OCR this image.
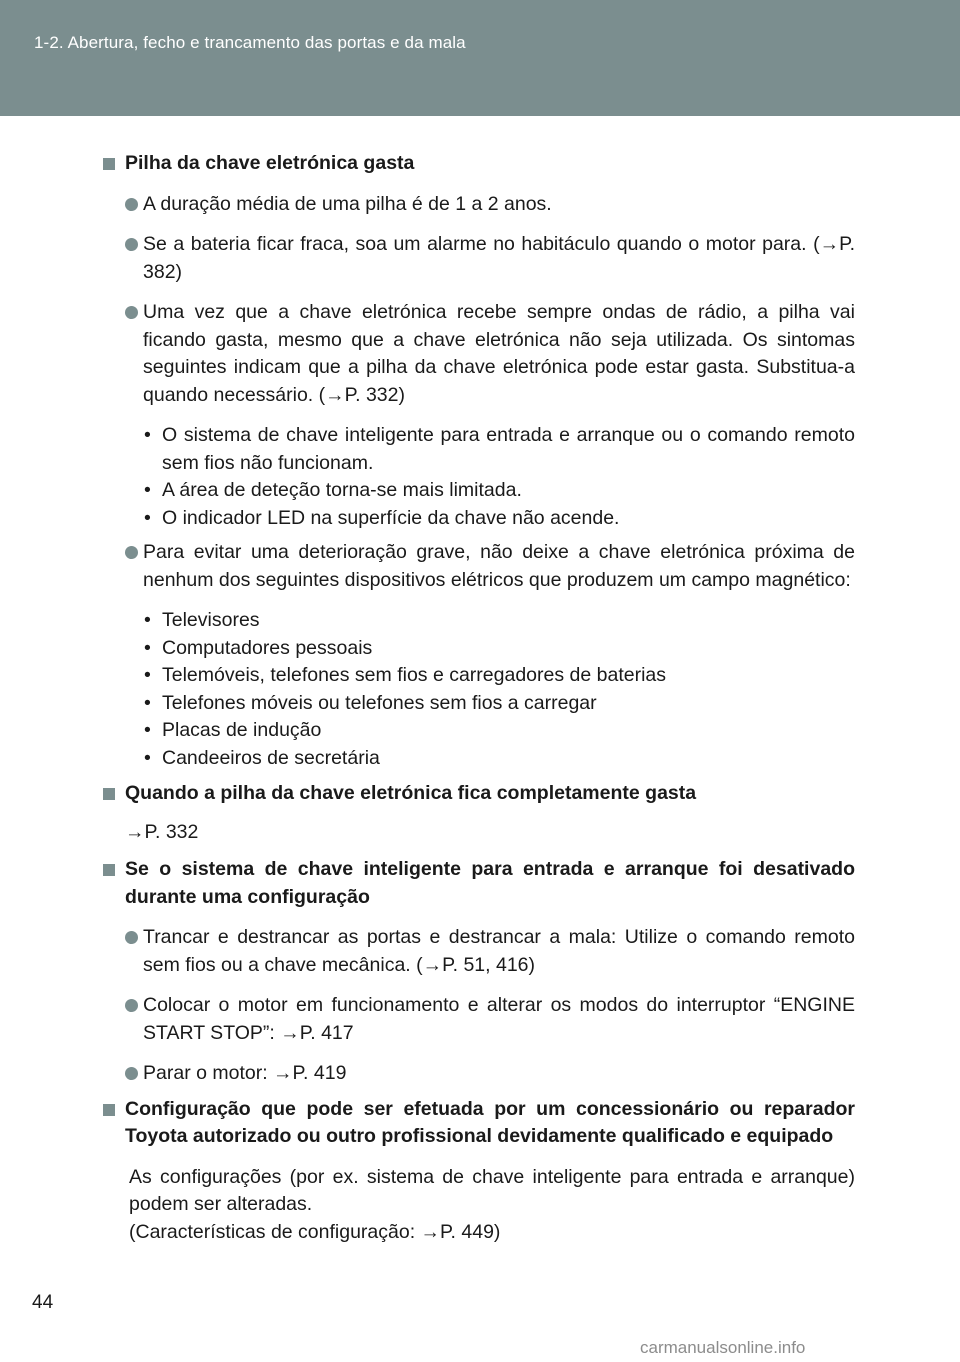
1-2. Abertura, fecho e trancamento das portas e da mala
Pilha da chave eletrónica gasta
A duração média de uma pilha é de 1 a 2 anos.
Se a bateria ficar fraca, soa um alarme no habitáculo quando o motor para. (→P. 382)
Uma vez que a chave eletrónica recebe sempre ondas de rádio, a pilha vai ficando gasta, mesmo que a chave eletrónica não seja utilizada. Os sintomas seguintes indicam que a pilha da chave eletrónica pode estar gasta. Substitua-a quando necessário. (→P. 332)
• O sistema de chave inteligente para entrada e arranque ou o comando remoto sem fios não funcionam.
• A área de deteção torna-se mais limitada.
• O indicador LED na superfície da chave não acende.
Para evitar uma deterioração grave, não deixe a chave eletrónica próxima de nenhum dos seguintes dispositivos elétricos que produzem um campo magnético:
• Televisores
• Computadores pessoais
• Telemóveis, telefones sem fios e carregadores de baterias
• Telefones móveis ou telefones sem fios a carregar
• Placas de indução
• Candeeiros de secretária
Quando a pilha da chave eletrónica fica completamente gasta
→P. 332
Se o sistema de chave inteligente para entrada e arranque foi desativado durante uma configuração
Trancar e destrancar as portas e destrancar a mala: Utilize o comando remoto sem fios ou a chave mecânica. (→P. 51, 416)
Colocar o motor em funcionamento e alterar os modos do interruptor “ENGINE START STOP”: →P. 417
Parar o motor: →P. 419
Configuração que pode ser efetuada por um concessionário ou reparador Toyota autorizado ou outro profissional devidamente qualificado e equipado
As configurações (por ex. sistema de chave inteligente para entrada e arranque) podem ser alteradas.
(Características de configuração: →P. 449)
44
carmanualsonline.info
